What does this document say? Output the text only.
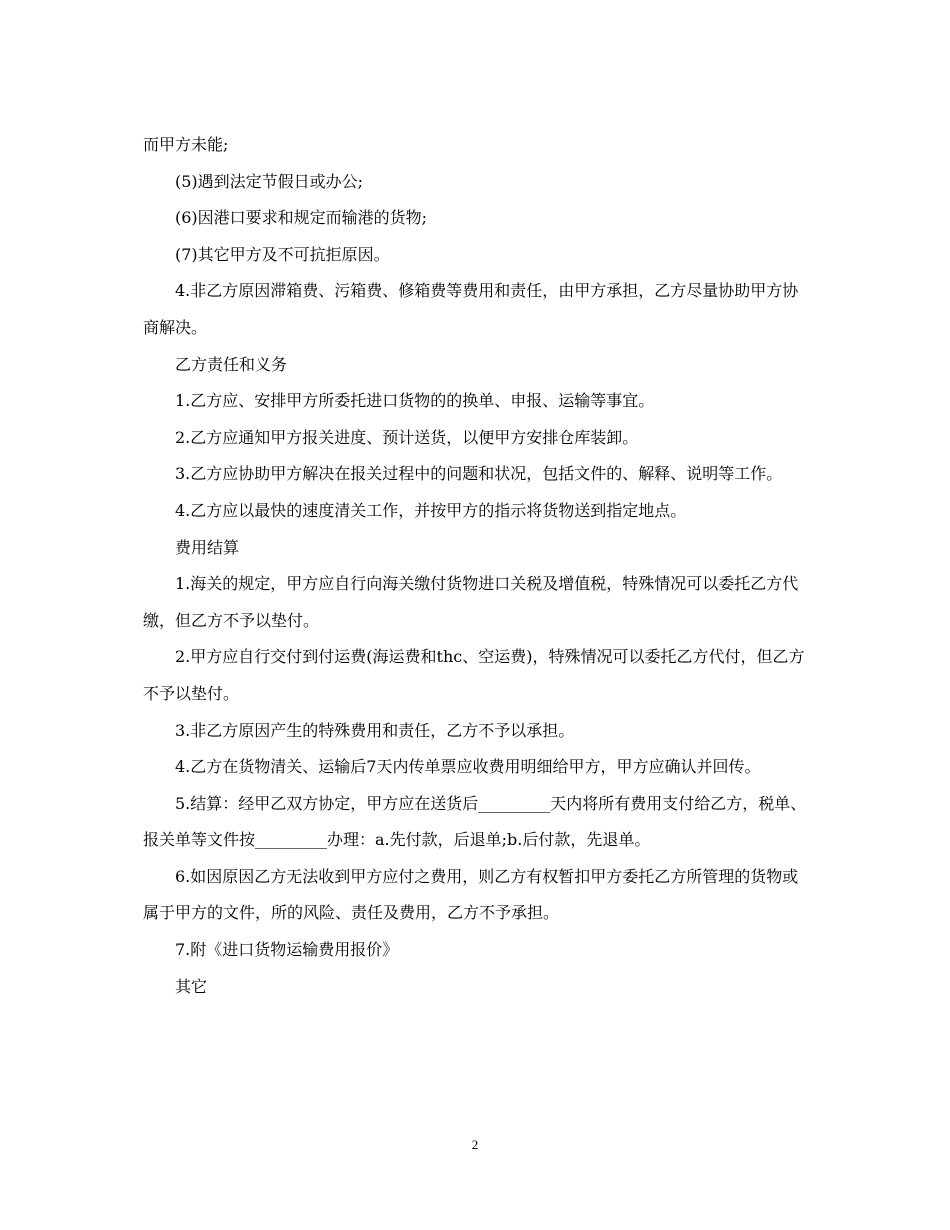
而甲方未能;

(5)遇到法定节假日或办公;

(6)因港口要求和规定而输港的货物;

(7)其它甲方及不可抗拒原因。

4.非乙方原因滞箱费、污箱费、修箱费等费用和责任，由甲方承担，乙方尽量协助甲方协商解决。

乙方责任和义务

1.乙方应、安排甲方所委托进口货物的的换单、申报、运输等事宜。

2.乙方应通知甲方报关进度、预计送货，以便甲方安排仓库装卸。

3.乙方应协助甲方解决在报关过程中的问题和状况，包括文件的、解释、说明等工作。

4.乙方应以最快的速度清关工作，并按甲方的指示将货物送到指定地点。

费用结算

1.海关的规定，甲方应自行向海关缴付货物进口关税及增值税，特殊情况可以委托乙方代缴，但乙方不予以垫付。

2.甲方应自行交付到付运费(海运费和thc、空运费)，特殊情况可以委托乙方代付，但乙方不予以垫付。

3.非乙方原因产生的特殊费用和责任，乙方不予以承担。

4.乙方在货物清关、运输后7天内传单票应收费用明细给甲方，甲方应确认并回传。

5.结算：经甲乙双方协定，甲方应在送货后_________天内将所有费用支付给乙方，税单、报关单等文件按_________办理：a.先付款，后退单;b.后付款，先退单。

6.如因原因乙方无法收到甲方应付之费用，则乙方有权暂扣甲方委托乙方所管理的货物或属于甲方的文件，所的风险、责任及费用，乙方不予承担。

7.附《进口货物运输费用报价》

其它

2
